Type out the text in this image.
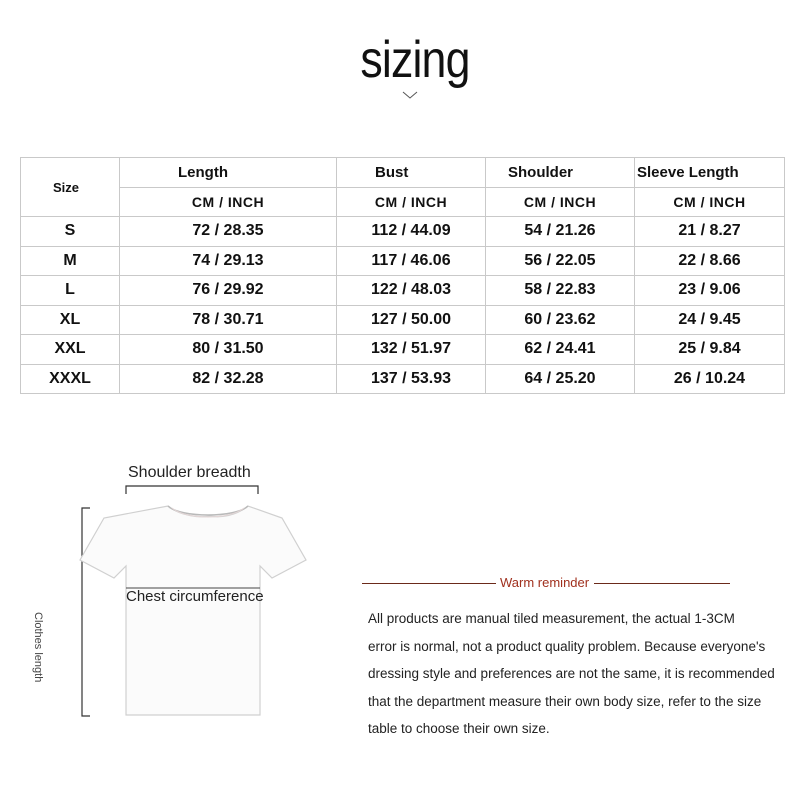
sizing
Size	Length	Bust	Shoulder	Sleeve Length
	CM / INCH	CM / INCH	CM / INCH	CM / INCH
S	72 / 28.35	112 / 44.09	54 / 21.26	21 / 8.27
M	74 / 29.13	117 / 46.06	56 / 22.05	22 / 8.66
L	76 / 29.92	122 / 48.03	58 / 22.83	23 / 9.06
XL	78 / 30.71	127 / 50.00	60 / 23.62	24 / 9.45
XXL	80 / 31.50	132 / 51.97	62 / 24.41	25 / 9.84
XXXL	82 / 32.28	137 / 53.93	64 / 25.20	26 / 10.24
Shoulder breadth
Chest circumference
Clothes length
Warm reminder
All products are manual tiled measurement, the actual 1-3CM
error is normal, not a product quality problem. Because everyone's
dressing style and preferences are not the same, it is recommended
that the department measure their own body size, refer to the size
table to choose their own size.
